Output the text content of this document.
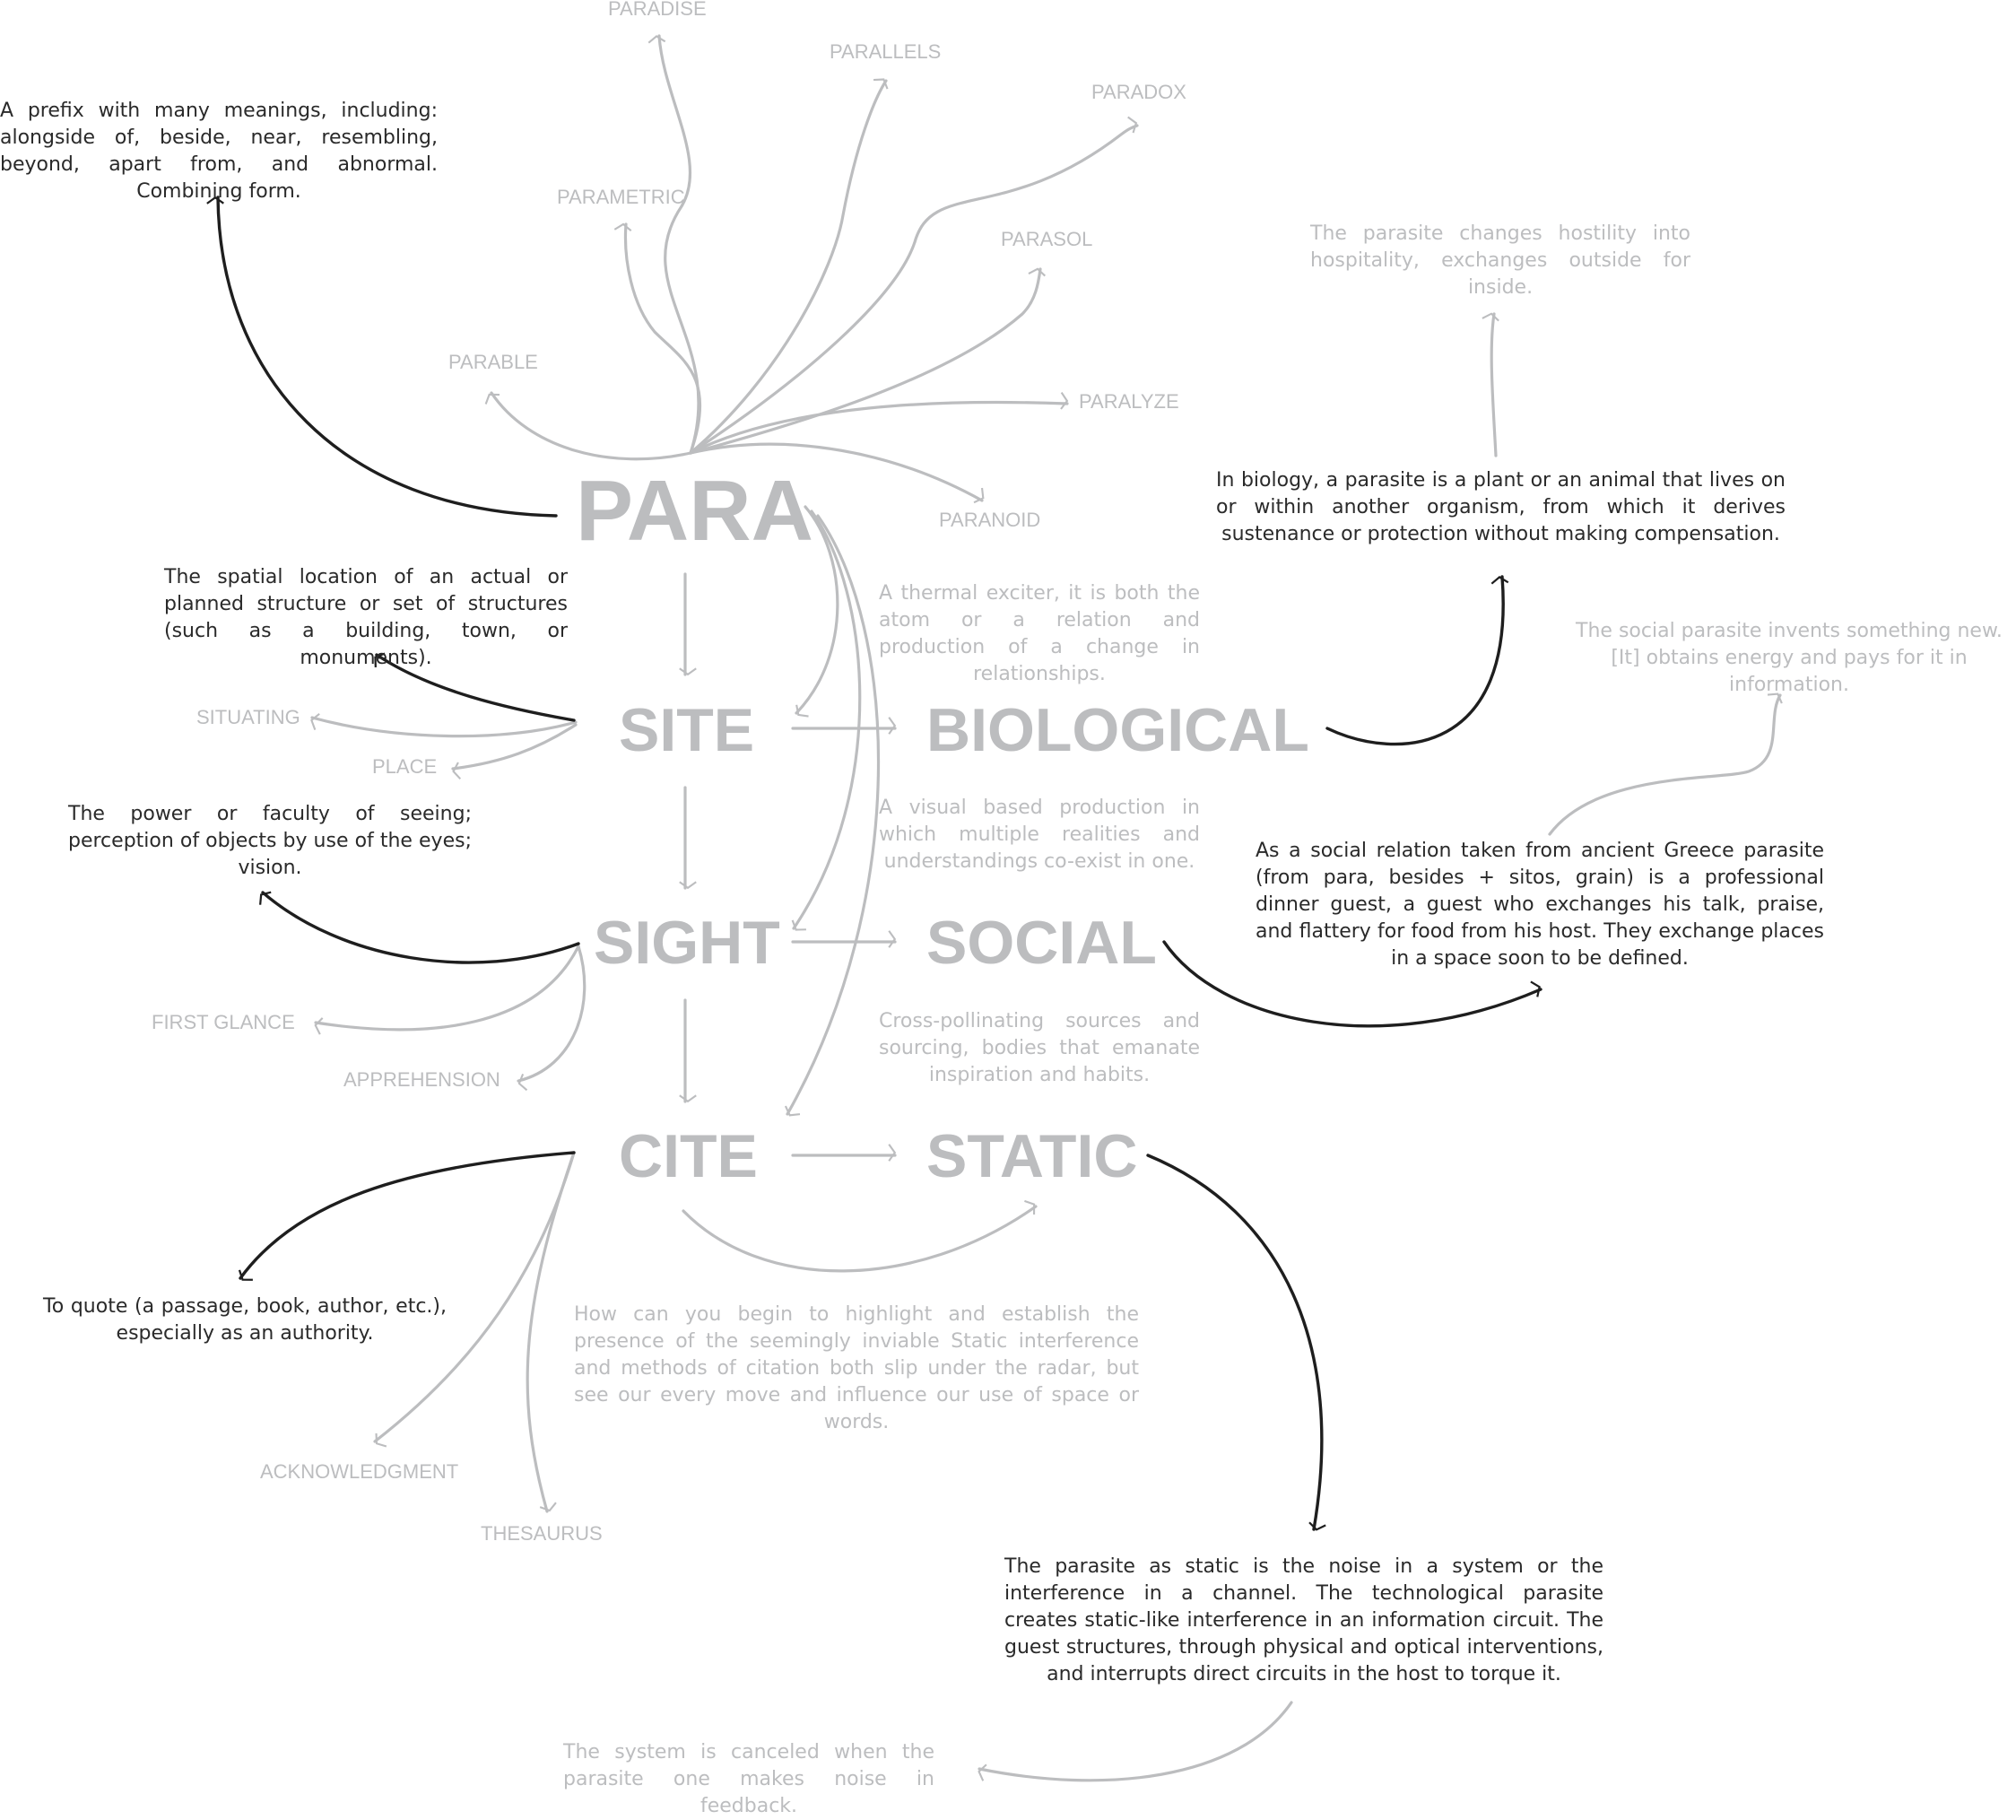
PARA
SITE
SIGHT
CITE
BIOLOGICAL
SOCIAL
STATIC
PARADISE
PARALLELS
PARADOX
PARAMETRIC
PARASOL
PARABLE
PARALYZE
PARANOID
SITUATING
PLACE
FIRST GLANCE
APPREHENSION
ACKNOWLEDGMENT
THESAURUS

A prefix with many meanings, including: alongside of, beside, near, resembling, beyond, apart from, and abnormal. Combining form.

The spatial location of an actual or planned structure or set of structures (such as a building, town, or monuments).

The power or faculty of seeing; perception of objects by use of the eyes; vision.

To quote (a passage, book, author, etc.), especially as an authority.

In biology, a parasite is a plant or an animal that lives on or within another organism, from which it derives sustenance or protection without making compensation.

As a social relation taken from ancient Greece parasite (from para, besides + sitos, grain) is a professional dinner guest, a guest who exchanges his talk, praise, and flattery for food from his host. They exchange places in a space soon to be defined.

The parasite as static is the noise in a system or the interference in a channel. The technological parasite creates static-like interference in an information circuit. The guest structures, through physical and optical interventions, and interrupts direct circuits in the host to torque it.

A thermal exciter, it is both the atom or a relation and production of a change in relationships.

A visual based production in which multiple realities and understandings co-exist in one.

Cross-pollinating sources and sourcing, bodies that emanate inspiration and habits.

How can you begin to highlight and establish the presence of the seemingly inviable Static interference and methods of citation both slip under the radar, but see our every move and influence our use of space or words.

The parasite changes hostility into hospitality, exchanges outside for inside.

The social parasite invents something new. [It] obtains energy and pays for it in information.

The system is canceled when the parasite one makes noise in feedback.
